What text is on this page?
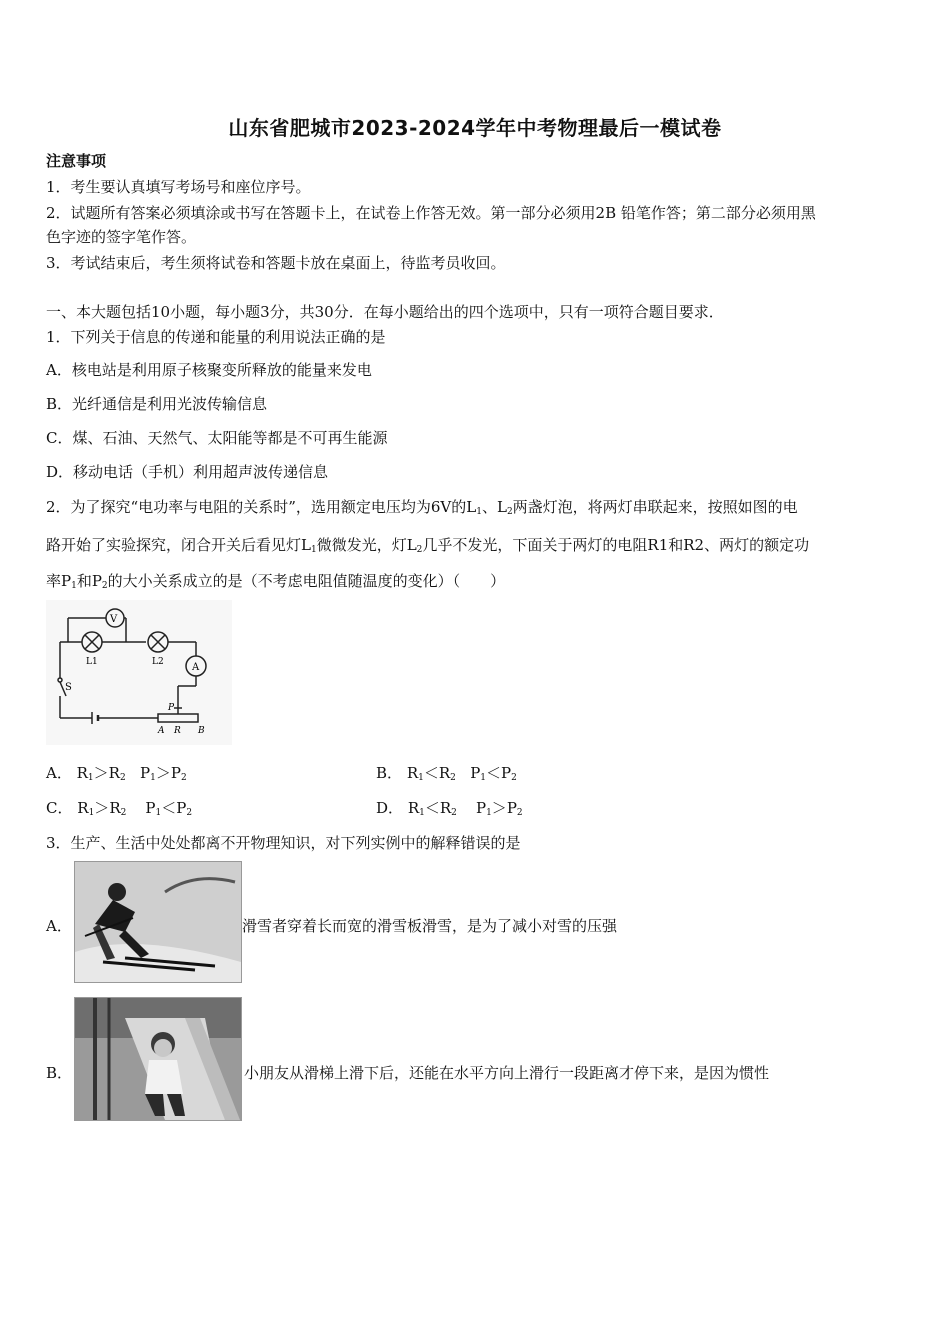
山东省肥城市2023-2024学年中考物理最后一模试卷
注意事项
1．考生要认真填写考场号和座位序号。
2．试题所有答案必须填涂或书写在答题卡上，在试卷上作答无效。第一部分必须用2B 铅笔作答；第二部分必须用黑
色字迹的签字笔作答。
3．考试结束后，考生须将试卷和答题卡放在桌面上，待监考员收回。
一、本大题包括10小题，每小题3分，共30分．在每小题给出的四个选项中，只有一项符合题目要求．
1．下列关于信息的传递和能量的利用说法正确的是
A．核电站是利用原子核聚变所释放的能量来发电
B．光纤通信是利用光波传输信息
C．煤、石油、天然气、太阳能等都是不可再生能源
D．移动电话（手机）利用超声波传递信息
2．为了探究“电功率与电阻的关系时”，选用额定电压均为6V的$L_1$、$L_2$两盏灯泡，将两灯串联起来，按照如图的电
路开始了实验探究，闭合开关后看见灯$L_1$微微发光，灯$L_2$几乎不发光，下面关于两灯的电阻R1和R2、两灯的额定功
率$P_1$和$P_2$的大小关系成立的是（不考虑电阻值随温度的变化）（　　）
V
A
L1	L2
S
P
A R B
A． $R_1>R_2$ $P_1>P_2$	B． $R_1<R_2$ $P_1<P_2$
C． $R_1>R_2$ $P_1<P_2$	D． $R_1<R_2$ $P_1>P_2$
3．生产、生活中处处都离不开物理知识，对下列实例中的解释错误的是
A．	滑雪者穿着长而宽的滑雪板滑雪，是为了减小对雪的压强
B．	小朋友从滑梯上滑下后，还能在水平方向上滑行一段距离才停下来，是因为惯性
